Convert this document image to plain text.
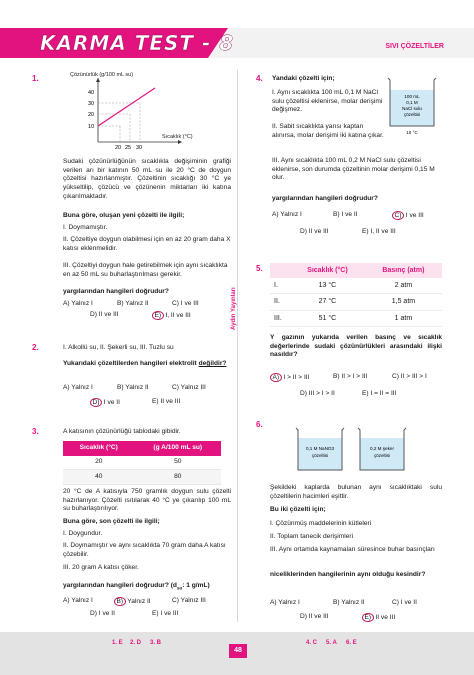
KARMA TEST - 8	SIVI ÇÖZELTİLER
Aydın Yayınları
1.	Çözünürlük (g/100 mL su)
Sıcaklık (°C)
40
30
20
10
20 25 30
Sudaki çözünürlüğünün sıcaklıkla değişiminin grafiği verilen arı bir katının 50 mL su ile 20 °C de doygun çözeltisi hazırlanmıştır. Çözeltinin sıcaklığı 30 °C ye yükseltilip, çözücü ve çözünenin miktarları iki katına çıkarılmaktadır.
Buna göre, oluşan yeni çözelti ile ilgili;
I. Doymamıştır.
II. Çözeltiye doygun olabilmesi için en az 20 gram daha X katısı eklenmelidir.
III. Çözeltiyi doygun hale getirebilmek için aynı sıcaklıkta en az 50 mL su buharlaştırılması gerekir.
yargılarından hangileri doğrudur?
A) Yalnız I	B) Yalnız II	C) I ve III
D) II ve III	E) I, II ve III
2.	I. Alkollü su, II. Şekerli su, III. Tuzlu su
Yukarıdaki çözeltilerden hangileri elektrolit değildir?
A) Yalnız I	B) Yalnız II	C) Yalnız III
D) I ve II	E) II ve III
3.	A katısının çözünürlüğü tablodaki gibidir.
Sıcaklık (°C)	(g A/100 mL su)
20	50
40	80
20 °C de A katısıyla 750 gramlık doygun sulu çözelti hazırlanıyor. Çözelti ısıtılarak 40 °C ye çıkarılıp 100 mL su buharlaştırılıyor.
Buna göre, son çözelti ile ilgili;
I. Doygundur.
II. Doymamıştır ve aynı sıcaklıkta 70 gram daha A katısı çözebilir.
III. 20 gram A katısı çöker.
yargılarından hangileri doğrudur? ($d_{su}$: 1 g/mL)
A) Yalnız I	B) Yalnız II	C) Yalnız III
D) I ve II	E) I ve III
4. Yandaki çözelti için;
100 mL
0,1 M
NaCl sulu
çözeltisi
10 °C
I. Aynı sıcaklıkta 100 mL 0,1 M NaCl sulu çözeltisi eklenirse, molar derişimi değişmez.
II. Sabit sıcaklıkta yarısı kaptan alınırsa, molar derişimi iki katına çıkar.
III. Aynı sıcaklıkta 100 mL 0,2 M NaCl sulu çözeltisi eklenirse, son durumda çözeltinin molar derişimi 0,15 M olur.
yargılarından hangileri doğrudur?
A) Yalnız I	B) I ve II	C) I ve III
D) II ve III	E) I, II ve III
5.
		Sıcaklık (°C)	Basınç (atm)
I.	13 °C	2 atm
II.	27 °C	1,5 atm
III.	51 °C	1 atm
Y gazının yukarıda verilen basınç ve sıcaklık değerlerinde sudaki çözünürlükleri arasındaki ilişki nasıldır?
A) I > II > III	B) II > I > III	C) II > III > I
D) III > I > II	E) I = II = III
6.
0,1 M NaNO3
çözeltisi
0,2 M şeker
çözeltisi
Şekildeki kaplarda bulunan aynı sıcaklıktaki sulu çözeltilerin hacimleri eşittir.
Bu iki çözelti için;
I. Çözünmüş maddelerinin kütleleri
II. Toplam tanecik derişimleri
III. Aynı ortamda kaynamaları süresince buhar basınçları
niceliklerinden hangilerinin aynı olduğu kesindir?
A) Yalnız I	B) Yalnız II	C) I ve II
D) II ve III	E) II ve III
1. E 2. D 3. B
48
4. C 5. A 6. E
